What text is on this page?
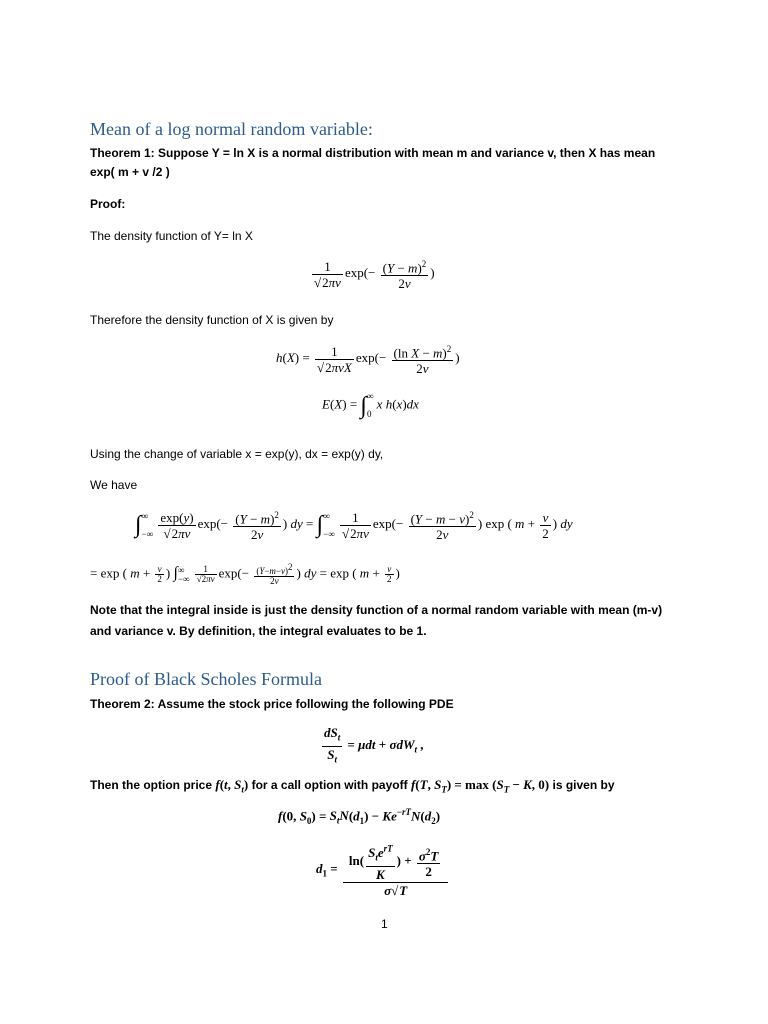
Mean of a log normal random variable:
Theorem 1: Suppose Y = ln X is a normal distribution with mean m and variance v, then X has mean
exp( m + v /2 )
Proof:
The density function of Y= ln X
$\frac{1}{√2\pi v} \exp(- \frac{(Y - m)^2}{2v}$ )
Therefore the density function of X is given by
$h(X) = \frac{1}{\text{√2πvX}} \exp(- \frac{(\ln X - m)^2}{2v}$ )
E(X) = ∫ ∞

0
x h(x)dx
Using the change of variable x = exp(y), dx = exp(y) dy,
We have
∫ ∞

−∞
$\frac{\exp(y)}{√2\pi v} \exp(- \frac{(Y - m)^2}{2v}$ ) dy = ∫ ∞

−∞
$\frac{1}{√2\pi v} \exp(- \frac{(Y - m - v)^2}{2v}$ ) exp ( $m + \frac{v}{2}$ ) dy
= exp ( $m + \frac{v}{2}$ ) ∫ ∞
−∞
$\frac{1}{√2\pi v} \exp(- \frac{(Y-m-v)^2}{2v}$ ) dy = exp ( $m + \frac{v}{2}$ )
Note that the integral inside is just the density function of a normal random variable with mean (m-v)
and variance v. By definition, the integral evaluates to be 1.
Proof of Black Scholes Formula
Theorem 2: Assume the stock price following the following PDE
$\frac{dS_t}{S_t} = \mu dt + \sigma dW_t$ ,
Then the option price f(t, $S_t$) for a call option with payoff f(T, $S_T) = \max (S_T - K$, 0) is given by
f(0, $S_0) = S_tN(d_1) - Ke^{-rT}N(d_2)$
$d_1 = \frac{\ln( \frac{S_te^{rT}}{K} ) + \frac{\sigma^2T}{2}}{\sigma√T}$
1
